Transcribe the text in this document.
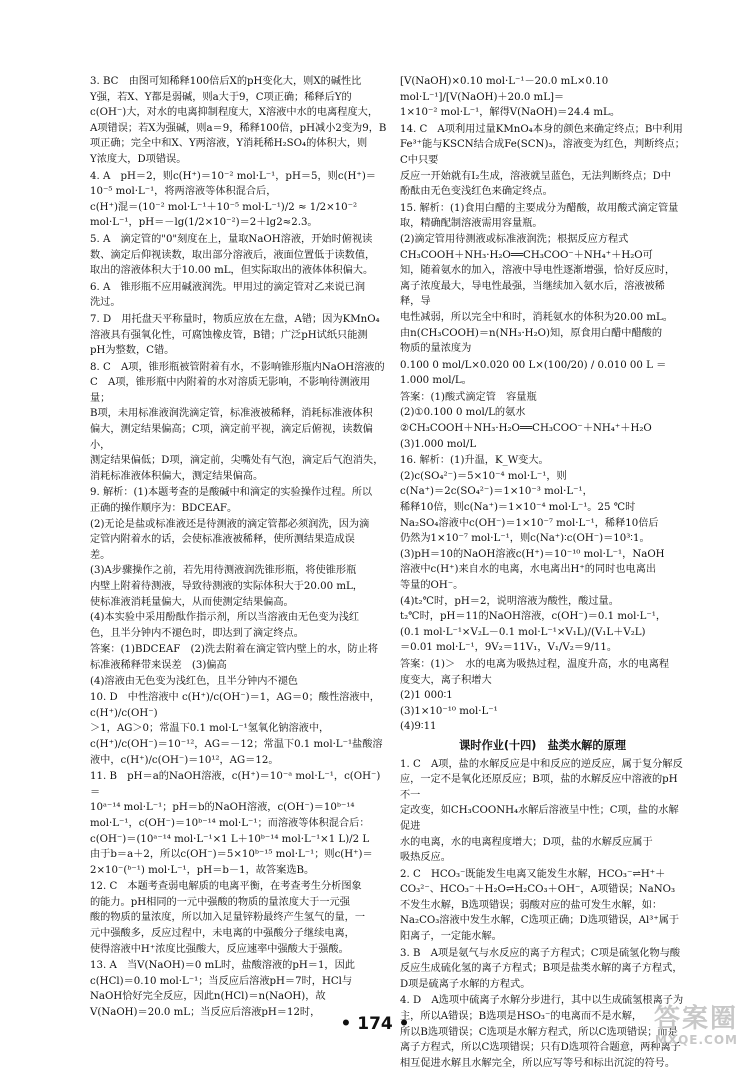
3. BC　由图可知稀释100倍后X的pH变化大，则X的碱性比

Y强，若X、Y都是弱碱，则a大于9，C项正确；稀释后Y的

c(OH⁻)大，对水的电离抑制程度大，X溶液中水的电离程度大，

A项错误；若X为强碱，则a＝9，稀释100倍，pH减小2变为9，B

项正确；完全中和X、Y两溶液，Y消耗稀H₂SO₄的体积大，则

Y浓度大，D项错误。

4. A　pH＝2，则c(H⁺)＝10⁻² mol·L⁻¹，pH＝5，则c(H⁺)＝

10⁻⁵ mol·L⁻¹，将两溶液等体积混合后，

c(H⁺)混＝(10⁻² mol·L⁻¹＋10⁻⁵ mol·L⁻¹)/2 ≈ 1/2×10⁻²

mol·L⁻¹，pH＝－lg(1/2×10⁻²)＝2＋lg2≈2.3。

5. A　滴定管的"0"刻度在上，量取NaOH溶液，开始时俯视读

数、滴定后仰视读数，取出部分溶液后，液面位置低于读数值，

取出的溶液体积大于10.00 mL，但实际取出的液体体积偏大。

6. A　锥形瓶不应用碱液润洗。甲用过的滴定管对乙来说已润

洗过。

7. D　用托盘天平称量时，物质应放在左盘，A错；因为KMnO₄

溶液具有强氧化性，可腐蚀橡皮管，B错；广泛pH试纸只能测

pH为整数，C错。

8. C　A项，锥形瓶被管附着有水，不影响锥形瓶内NaOH溶液的

C　A项，锥形瓶中内附着的水对溶质无影响，不影响待测液用量；

B项，未用标准液润洗滴定管，标准液被稀释，消耗标准液体积

偏大，测定结果偏高；C项，滴定前平视，滴定后俯视，读数偏小，

测定结果偏低；D项，滴定前，尖嘴处有气泡，滴定后气泡消失，

消耗标准液体积偏大，测定结果偏高。

9. 解析：(1)本题考查的是酸碱中和滴定的实验操作过程。所以

正确的操作顺序为：BDCEAF。

(2)无论是盐或标准液还是待测液的滴定管都必须润洗，因为滴

定管内附着水的话，会使标准液被稀释，使所测结果造成误

差。

(3)A步骤操作之前，若先用待测液润洗锥形瓶，将使锥形瓶

内壁上附着待测液，导致待测液的实际体积大于20.00 mL，

使标准液消耗量偏大，从而使测定结果偏高。

(4)本实验中采用酚酞作指示剂，所以当溶液由无色变为浅红

色，且半分钟内不褪色时，即达到了滴定终点。

答案：(1)BDCEAF　(2)洗去附着在滴定管内壁上的水，防止将

标准液稀释带来误差　(3)偏高

(4)溶液由无色变为浅红色，且半分钟内不褪色

10. D　中性溶液中 c(H⁺)/c(OH⁻)＝1，AG＝0；酸性溶液中，c(H⁺)/c(OH⁻)

＞1，AG＞0；常温下0.1 mol·L⁻¹氢氧化钠溶液中，

c(H⁺)/c(OH⁻)＝10⁻¹²，AG＝－12；常温下0.1 mol·L⁻¹盐酸溶

液中，c(H⁺)/c(OH⁻)＝10¹²，AG＝12。

11. B　pH＝a的NaOH溶液，c(H⁺)＝10⁻ᵃ mol·L⁻¹，c(OH⁻)＝

10ᵃ⁻¹⁴ mol·L⁻¹；pH＝b的NaOH溶液，c(OH⁻)＝10ᵇ⁻¹⁴

mol·L⁻¹，c(OH⁻)＝10ᵇ⁻¹⁴ mol·L⁻¹；而溶液等体积混合后：

c(OH⁻)＝(10ᵃ⁻¹⁴ mol·L⁻¹×1 L＋10ᵇ⁻¹⁴ mol·L⁻¹×1 L)/2 L

由于b＝a＋2，所以c(OH⁻)＝5×10ᵇ⁻¹⁵ mol·L⁻¹；则c(H⁺)＝

2×10⁻(ᵇ⁻¹) mol·L⁻¹，pH＝b－1，故答案选B。

12. C　本题考查弱电解质的电离平衡，在考查考生分析图象

的能力。pH相同的一元中强酸的物质的量浓度大于一元强

酸的物质的量浓度，所以加入足量锌粉最终产生氢气的量，一

元中强酸多，反应过程中，未电离的中强酸分子继续电离，

使得溶液中H⁺浓度比强酸大，反应速率中强酸大于强酸。

13. A　当V(NaOH)＝0 mL时，盐酸溶液的pH＝1，因此

c(HCl)＝0.10 mol·L⁻¹；当反应后溶液pH＝7时，HCl与

NaOH恰好完全反应，因此n(HCl)＝n(NaOH)，故

V(NaOH)＝20.0 mL；当反应后溶液pH＝12时，

[V(NaOH)×0.10 mol·L⁻¹－20.0 mL×0.10 mol·L⁻¹]/[V(NaOH)＋20.0 mL]＝

1×10⁻² mol·L⁻¹，解得V(NaOH)＝24.4 mL。

14. C　A项利用过量KMnO₄本身的颜色来确定终点；B中利用

Fe³⁺能与KSCN结合成Fe(SCN)₃，溶液变为红色，判断终点；C中只要

反应一开始就有I₂生成，溶液就呈蓝色，无法判断终点；D中

酚酞由无色变浅红色来确定终点。

15. 解析：(1)食用白醋的主要成分为醋酸，故用酸式滴定管量

取，精确配制溶液需用容量瓶。

(2)滴定管用待测液或标准液润洗；根据反应方程式

CH₃COOH＋NH₃·H₂O══CH₃COO⁻＋NH₄⁺＋H₂O可

知，随着氨水的加入，溶液中导电性逐渐增强，恰好反应时，

离子浓度最大，导电性最强，当继续加入氨水后，溶液被稀释，导

电性减弱，所以完全中和时，消耗氨水的体积为20.00 mL。

由n(CH₃COOH)＝n(NH₃·H₂O)知，原食用白醋中醋酸的

物质的量浓度为

0.100 0 mol/L×0.020 00 L×(100/20) / 0.010 00 L ＝1.000 mol/L。

答案：(1)酸式滴定管　容量瓶

(2)①0.100 0 mol/L的氨水

②CH₃COOH＋NH₃·H₂O══CH₃COO⁻＋NH₄⁺＋H₂O

(3)1.000 mol/L

16. 解析：(1)升温，K_W变大。

(2)c(SO₄²⁻)＝5×10⁻⁴ mol·L⁻¹，则

c(Na⁺)＝2c(SO₄²⁻)＝1×10⁻³ mol·L⁻¹，

稀释10倍，则c(Na⁺)＝1×10⁻⁴ mol·L⁻¹。25 ℃时

Na₂SO₄溶液中c(OH⁻)＝1×10⁻⁷ mol·L⁻¹，稀释10倍后

仍然为1×10⁻⁷ mol·L⁻¹，则c(Na⁺)∶c(OH⁻)＝10³∶1。

(3)pH＝10的NaOH溶液c(H⁺)＝10⁻¹⁰ mol·L⁻¹，NaOH

溶液中c(H⁺)来自水的电离，水电离出H⁺的同时也电离出

等量的OH⁻。

(4)t₂℃时，pH＝2，说明溶液为酸性，酸过量。

t₂℃时，pH＝11的NaOH溶液，c(OH⁻)＝0.1 mol·L⁻¹，

(0.1 mol·L⁻¹×V₂L－0.1 mol·L⁻¹×V₁L)/(V₁L＋V₂L)

＝0.01 mol·L⁻¹，9V₂＝11V₁，V₁/V₂＝9/11。

答案：(1)＞　水的电离为吸热过程，温度升高，水的电离程

度变大，离子积增大

(2)1 000∶1

(3)1×10⁻¹⁰ mol·L⁻¹

(4)9∶11

课时作业(十四)　盐类水解的原理

1. C　A项，盐的水解反应是中和反应的逆反应，属于复分解反

应，一定不是氧化还原反应；B项，盐的水解反应中溶液的pH不一

定改变，如CH₃COONH₄水解后溶液呈中性；C项，盐的水解促进

水的电离，水的电离程度增大；D项，盐的水解反应属于

吸热反应。

2. C　HCO₃⁻既能发生电离又能发生水解，HCO₃⁻⇌H⁺＋

CO₃²⁻、HCO₃⁻＋H₂O⇌H₂CO₃＋OH⁻，A项错误；NaNO₃

不发生水解，B选项错误；弱酸对应的盐可发生水解，如：

Na₂CO₃溶液中发生水解，C选项正确；D选项错误，Al³⁺属于

阳离子，一定能水解。

3. B　A项是氨气与水反应的离子方程式；C项是硫氢化物与酸

反应生成硫化氢的离子方程式；B项是盐类水解的离子方程式，

D项是硫离子水解的方程式。

4. D　A选项中硫离子水解分步进行，其中以生成硫氢根离子为

主，所以A错误；B选项是HSO₃⁻的电离而不是水解，

所以B选项错误；C选项是水解方程式，所以C选项错误；而是

离子方程式，所以C选项错误；只有D选项符合题意，两种离子

相互促进水解且水解完全，所以应写等号和标出沉淀的符号。

• 174 •	答案圈
MXQE.COM
